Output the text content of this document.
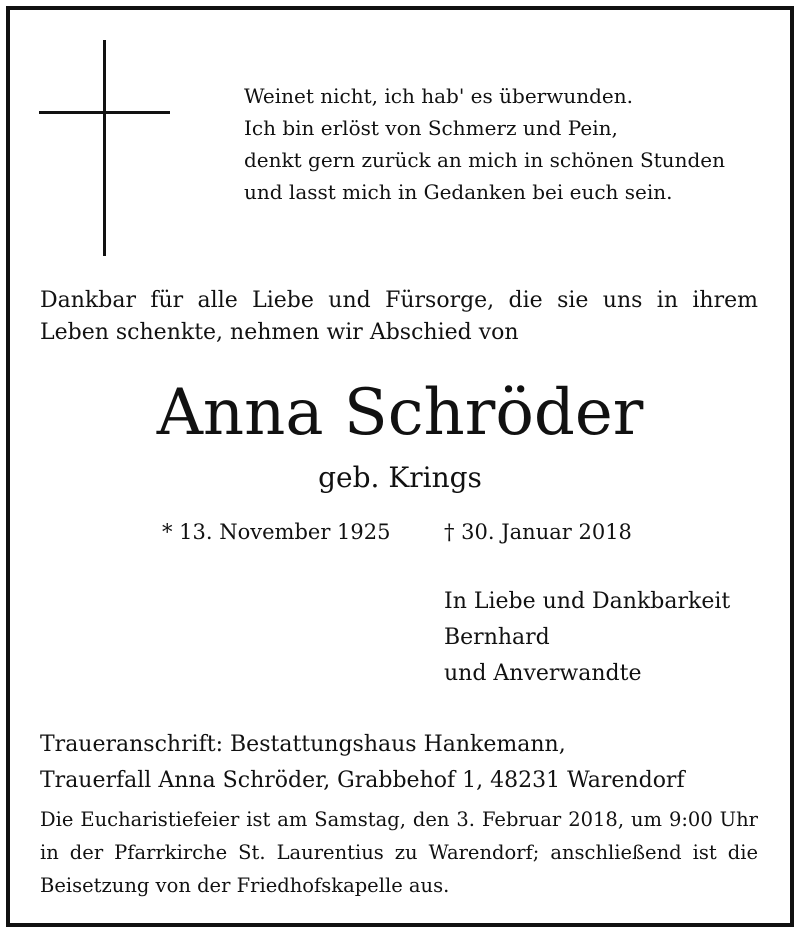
Weinet nicht, ich hab' es überwunden.
Ich bin erlöst von Schmerz und Pein,
denkt gern zurück an mich in schönen Stunden
und lasst mich in Gedanken bei euch sein.
Dankbar für alle Liebe und Fürsorge, die sie uns in ihrem Leben schenkte, nehmen wir Abschied von
Anna Schröder
geb. Krings
* 13. November 1925	† 30. Januar 2018
In Liebe und Dankbarkeit
Bernhard
und Anverwandte
Traueranschrift: Bestattungshaus Hankemann,
Trauerfall Anna Schröder, Grabbehof 1, 48231 Warendorf
Die Eucharistiefeier ist am Samstag, den 3. Februar 2018, um 9:00 Uhr in der Pfarrkirche St. Laurentius zu Warendorf; anschließend ist die Beisetzung von der Friedhofskapelle aus.
